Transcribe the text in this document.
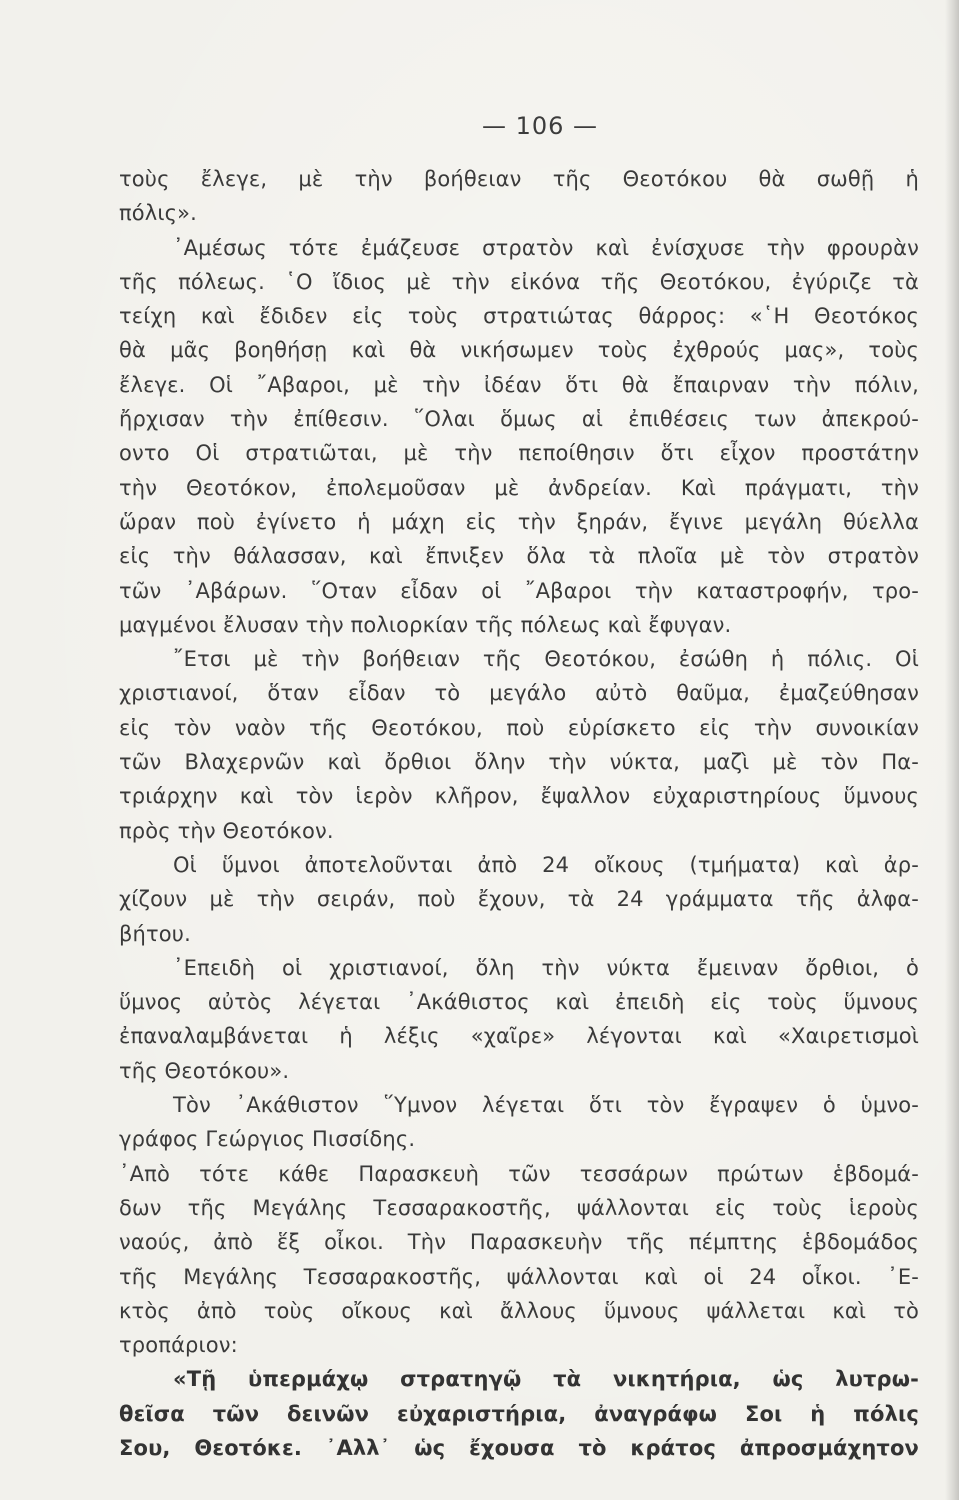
— 106 —
τοὺς ἔλεγε, μὲ τὴν βοήθειαν τῆς Θεοτόκου θὰ σωθῇ ἡ
πόλις».
᾿Αμέσως τότε ἐμάζευσε στρατὸν καὶ ἐνίσχυσε τὴν φρουρὰν
τῆς πόλεως. ῾Ο ἴδιος μὲ τὴν εἰκόνα τῆς Θεοτόκου, ἐγύριζε τὰ
τείχη καὶ ἔδιδεν εἰς τοὺς στρατιώτας θάρρος: «῾Η Θεοτόκος
θὰ μᾶς βοηθήσῃ καὶ θὰ νικήσωμεν τοὺς ἐχθρούς μας», τοὺς
ἔλεγε. Οἱ ῎Αβαροι, μὲ τὴν ἰδέαν ὅτι θὰ ἔπαιρναν τὴν πόλιν,
ἤρχισαν τὴν ἐπίθεσιν. ῞Ολαι ὅμως αἱ ἐπιθέσεις των ἀπεκρού-
οντο Οἱ στρατιῶται, μὲ τὴν πεποίθησιν ὅτι εἶχον προστάτην
τὴν Θεοτόκον, ἐπολεμοῦσαν μὲ ἀνδρείαν. Καὶ πράγματι, τὴν
ὥραν ποὺ ἐγίνετο ἡ μάχη εἰς τὴν ξηράν, ἔγινε μεγάλη θύελλα
εἰς τὴν θάλασσαν, καὶ ἔπνιξεν ὅλα τὰ πλοῖα μὲ τὸν στρατὸν
τῶν ᾿Αβάρων. ῞Οταν εἶδαν οἱ ῎Αβαροι τὴν καταστροφήν, τρο-
μαγμένοι ἔλυσαν τὴν πολιορκίαν τῆς πόλεως καὶ ἔφυγαν.
῎Ετσι μὲ τὴν βοήθειαν τῆς Θεοτόκου, ἐσώθη ἡ πόλις. Οἱ
χριστιανοί, ὅταν εἶδαν τὸ μεγάλο αὐτὸ θαῦμα, ἐμαζεύθησαν
εἰς τὸν ναὸν τῆς Θεοτόκου, ποὺ εὑρίσκετο εἰς τὴν συνοικίαν
τῶν Βλαχερνῶν καὶ ὄρθιοι ὅλην τὴν νύκτα, μαζὶ μὲ τὸν Πα-
τριάρχην καὶ τὸν ἱερὸν κλῆρον, ἔψαλλον εὐχαριστηρίους ὕμνους
πρὸς τὴν Θεοτόκον.
Οἱ ὕμνοι ἀποτελοῦνται ἀπὸ 24 οἴκους (τμήματα) καὶ ἀρ-
χίζουν μὲ τὴν σειράν, ποὺ ἔχουν, τὰ 24 γράμματα τῆς ἀλφα-
βήτου.
᾿Επειδὴ οἱ χριστιανοί, ὅλη τὴν νύκτα ἔμειναν ὄρθιοι, ὁ
ὕμνος αὐτὸς λέγεται ᾿Ακάθιστος καὶ ἐπειδὴ εἰς τοὺς ὕμνους
ἐπαναλαμβάνεται ἡ λέξις «χαῖρε» λέγονται καὶ «Χαιρετισμοὶ
τῆς Θεοτόκου».
Τὸν ᾿Ακάθιστον ῞Υμνον λέγεται ὅτι τὸν ἔγραψεν ὁ ὑμνο-
γράφος Γεώργιος Πισσίδης.
᾿Απὸ τότε κάθε Παρασκευὴ τῶν τεσσάρων πρώτων ἑβδομά-
δων τῆς Μεγάλης Τεσσαρακοστῆς, ψάλλονται εἰς τοὺς ἱεροὺς
ναούς, ἀπὸ ἕξ οἶκοι. Τὴν Παρασκευὴν τῆς πέμπτης ἑβδομάδος
τῆς Μεγάλης Τεσσαρακοστῆς, ψάλλονται καὶ οἱ 24 οἶκοι. ᾿Ε-
κτὸς ἀπὸ τοὺς οἴκους καὶ ἄλλους ὕμνους ψάλλεται καὶ τὸ
τροπάριον:
«Τῇ ὑπερμάχῳ στρατηγῷ τὰ νικητήρια, ὡς λυτρω-
θεῖσα τῶν δεινῶν εὐχαριστήρια, ἀναγράφω Σοι ἡ πόλις
Σου, Θεοτόκε. ᾿Αλλ᾿ ὡς ἔχουσα τὸ κράτος ἀπροσμάχητον
